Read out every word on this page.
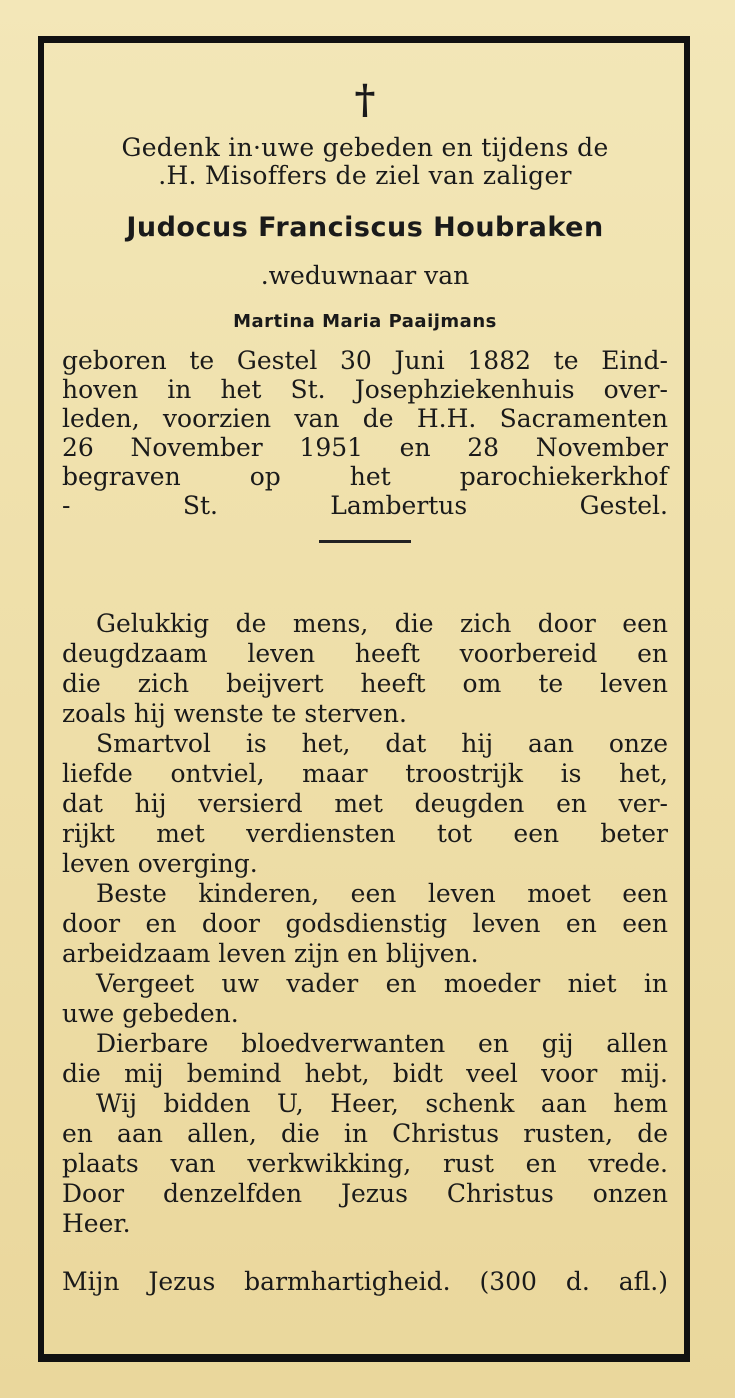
†
Gedenk in·uwe gebeden en tijdens de
.H. Misoffers de ziel van zaliger
Judocus Franciscus Houbraken
.weduwnaar van
Martina Maria Paaijmans
geboren te Gestel 30 Juni 1882 te Eind-
hoven in het St. Josephziekenhuis over-
leden, voorzien van de H.H. Sacramenten
26 November 1951 en 28 November
begraven op het parochiekerkhof
- St. Lambertus Gestel.
Gelukkig de mens, die zich door een
deugdzaam leven heeft voorbereid en
die zich beijvert heeft om te leven
zoals hij wenste te sterven.
Smartvol is het, dat hij aan onze
liefde ontviel, maar troostrijk is het,
dat hij versierd met deugden en ver-
rijkt met verdiensten tot een beter
leven overging.
Beste kinderen, een leven moet een
door en door godsdienstig leven en een
arbeidzaam leven zijn en blijven.
Vergeet uw vader en moeder niet in
uwe gebeden.
Dierbare bloedverwanten en gij allen
die mij bemind hebt, bidt veel voor mij.
Wij bidden U, Heer, schenk aan hem
en aan allen, die in Christus rusten, de
plaats van verkwikking, rust en vrede.
Door denzelfden Jezus Christus onzen
Heer.
Mijn Jezus barmhartigheid. (300 d. afl.)
